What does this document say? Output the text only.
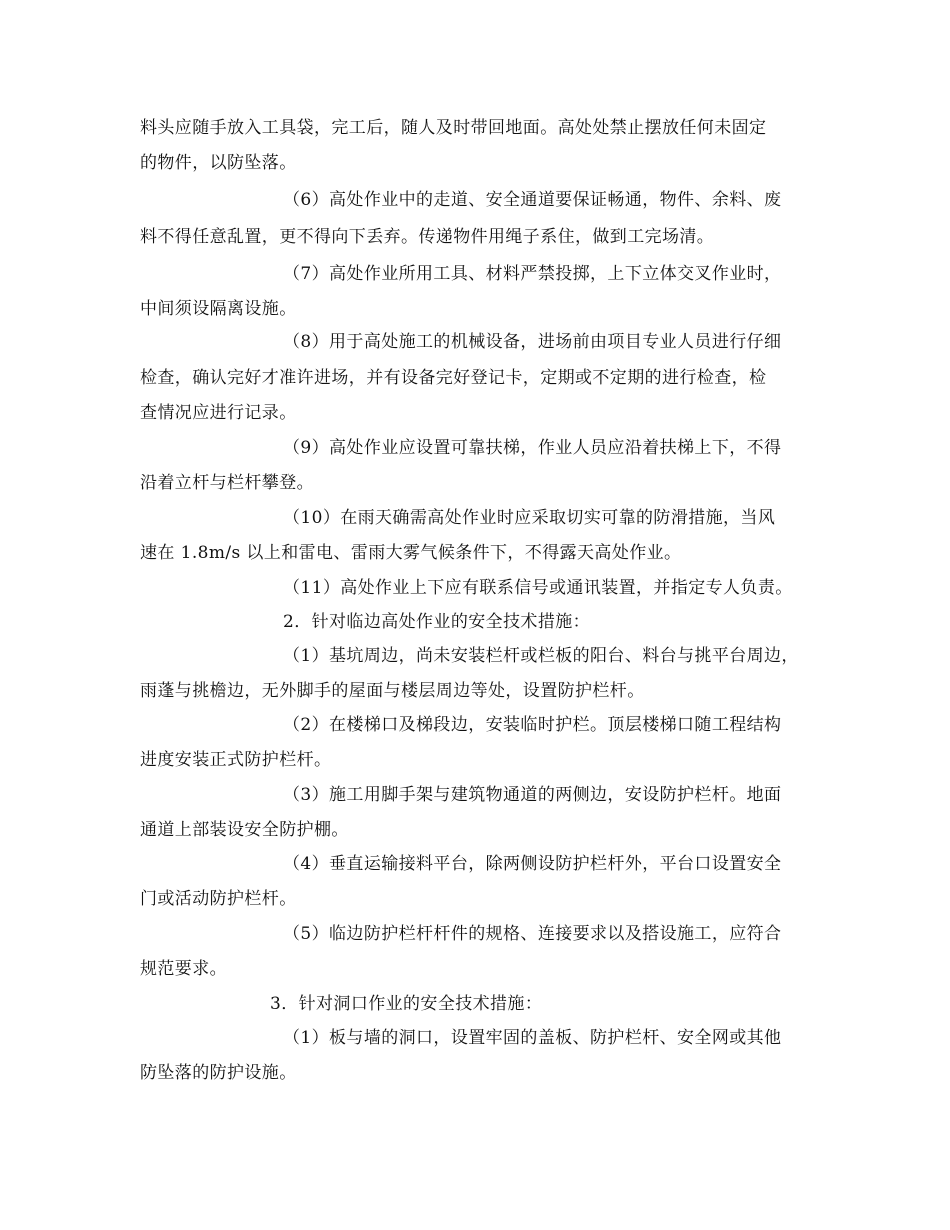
料头应随手放入工具袋，完工后，随人及时带回地面。高处处禁止摆放任何未固定
的物件，以防坠落。
（6）高处作业中的走道、安全通道要保证畅通，物件、余料、废
料不得任意乱置，更不得向下丢弃。传递物件用绳子系住，做到工完场清。
（7）高处作业所用工具、材料严禁投掷，上下立体交叉作业时，
中间须设隔离设施。
（8）用于高处施工的机械设备，进场前由项目专业人员进行仔细
检查，确认完好才准许进场，并有设备完好登记卡，定期或不定期的进行检查，检
查情况应进行记录。
（9）高处作业应设置可靠扶梯，作业人员应沿着扶梯上下，不得
沿着立杆与栏杆攀登。
（10）在雨天确需高处作业时应采取切实可靠的防滑措施，当风
速在 1.8m/s 以上和雷电、雷雨大雾气候条件下，不得露天高处作业。
（11）高处作业上下应有联系信号或通讯装置，并指定专人负责。
2．针对临边高处作业的安全技术措施：
（1）基坑周边，尚未安装栏杆或栏板的阳台、料台与挑平台周边，
雨蓬与挑檐边，无外脚手的屋面与楼层周边等处，设置防护栏杆。
（2）在楼梯口及梯段边，安装临时护栏。顶层楼梯口随工程结构
进度安装正式防护栏杆。
（3）施工用脚手架与建筑物通道的两侧边，安设防护栏杆。地面
通道上部装设安全防护棚。
（4）垂直运输接料平台，除两侧设防护栏杆外，平台口设置安全
门或活动防护栏杆。
（5）临边防护栏杆杆件的规格、连接要求以及搭设施工，应符合
规范要求。
3．针对洞口作业的安全技术措施：
（1）板与墙的洞口，设置牢固的盖板、防护栏杆、安全网或其他
防坠落的防护设施。
